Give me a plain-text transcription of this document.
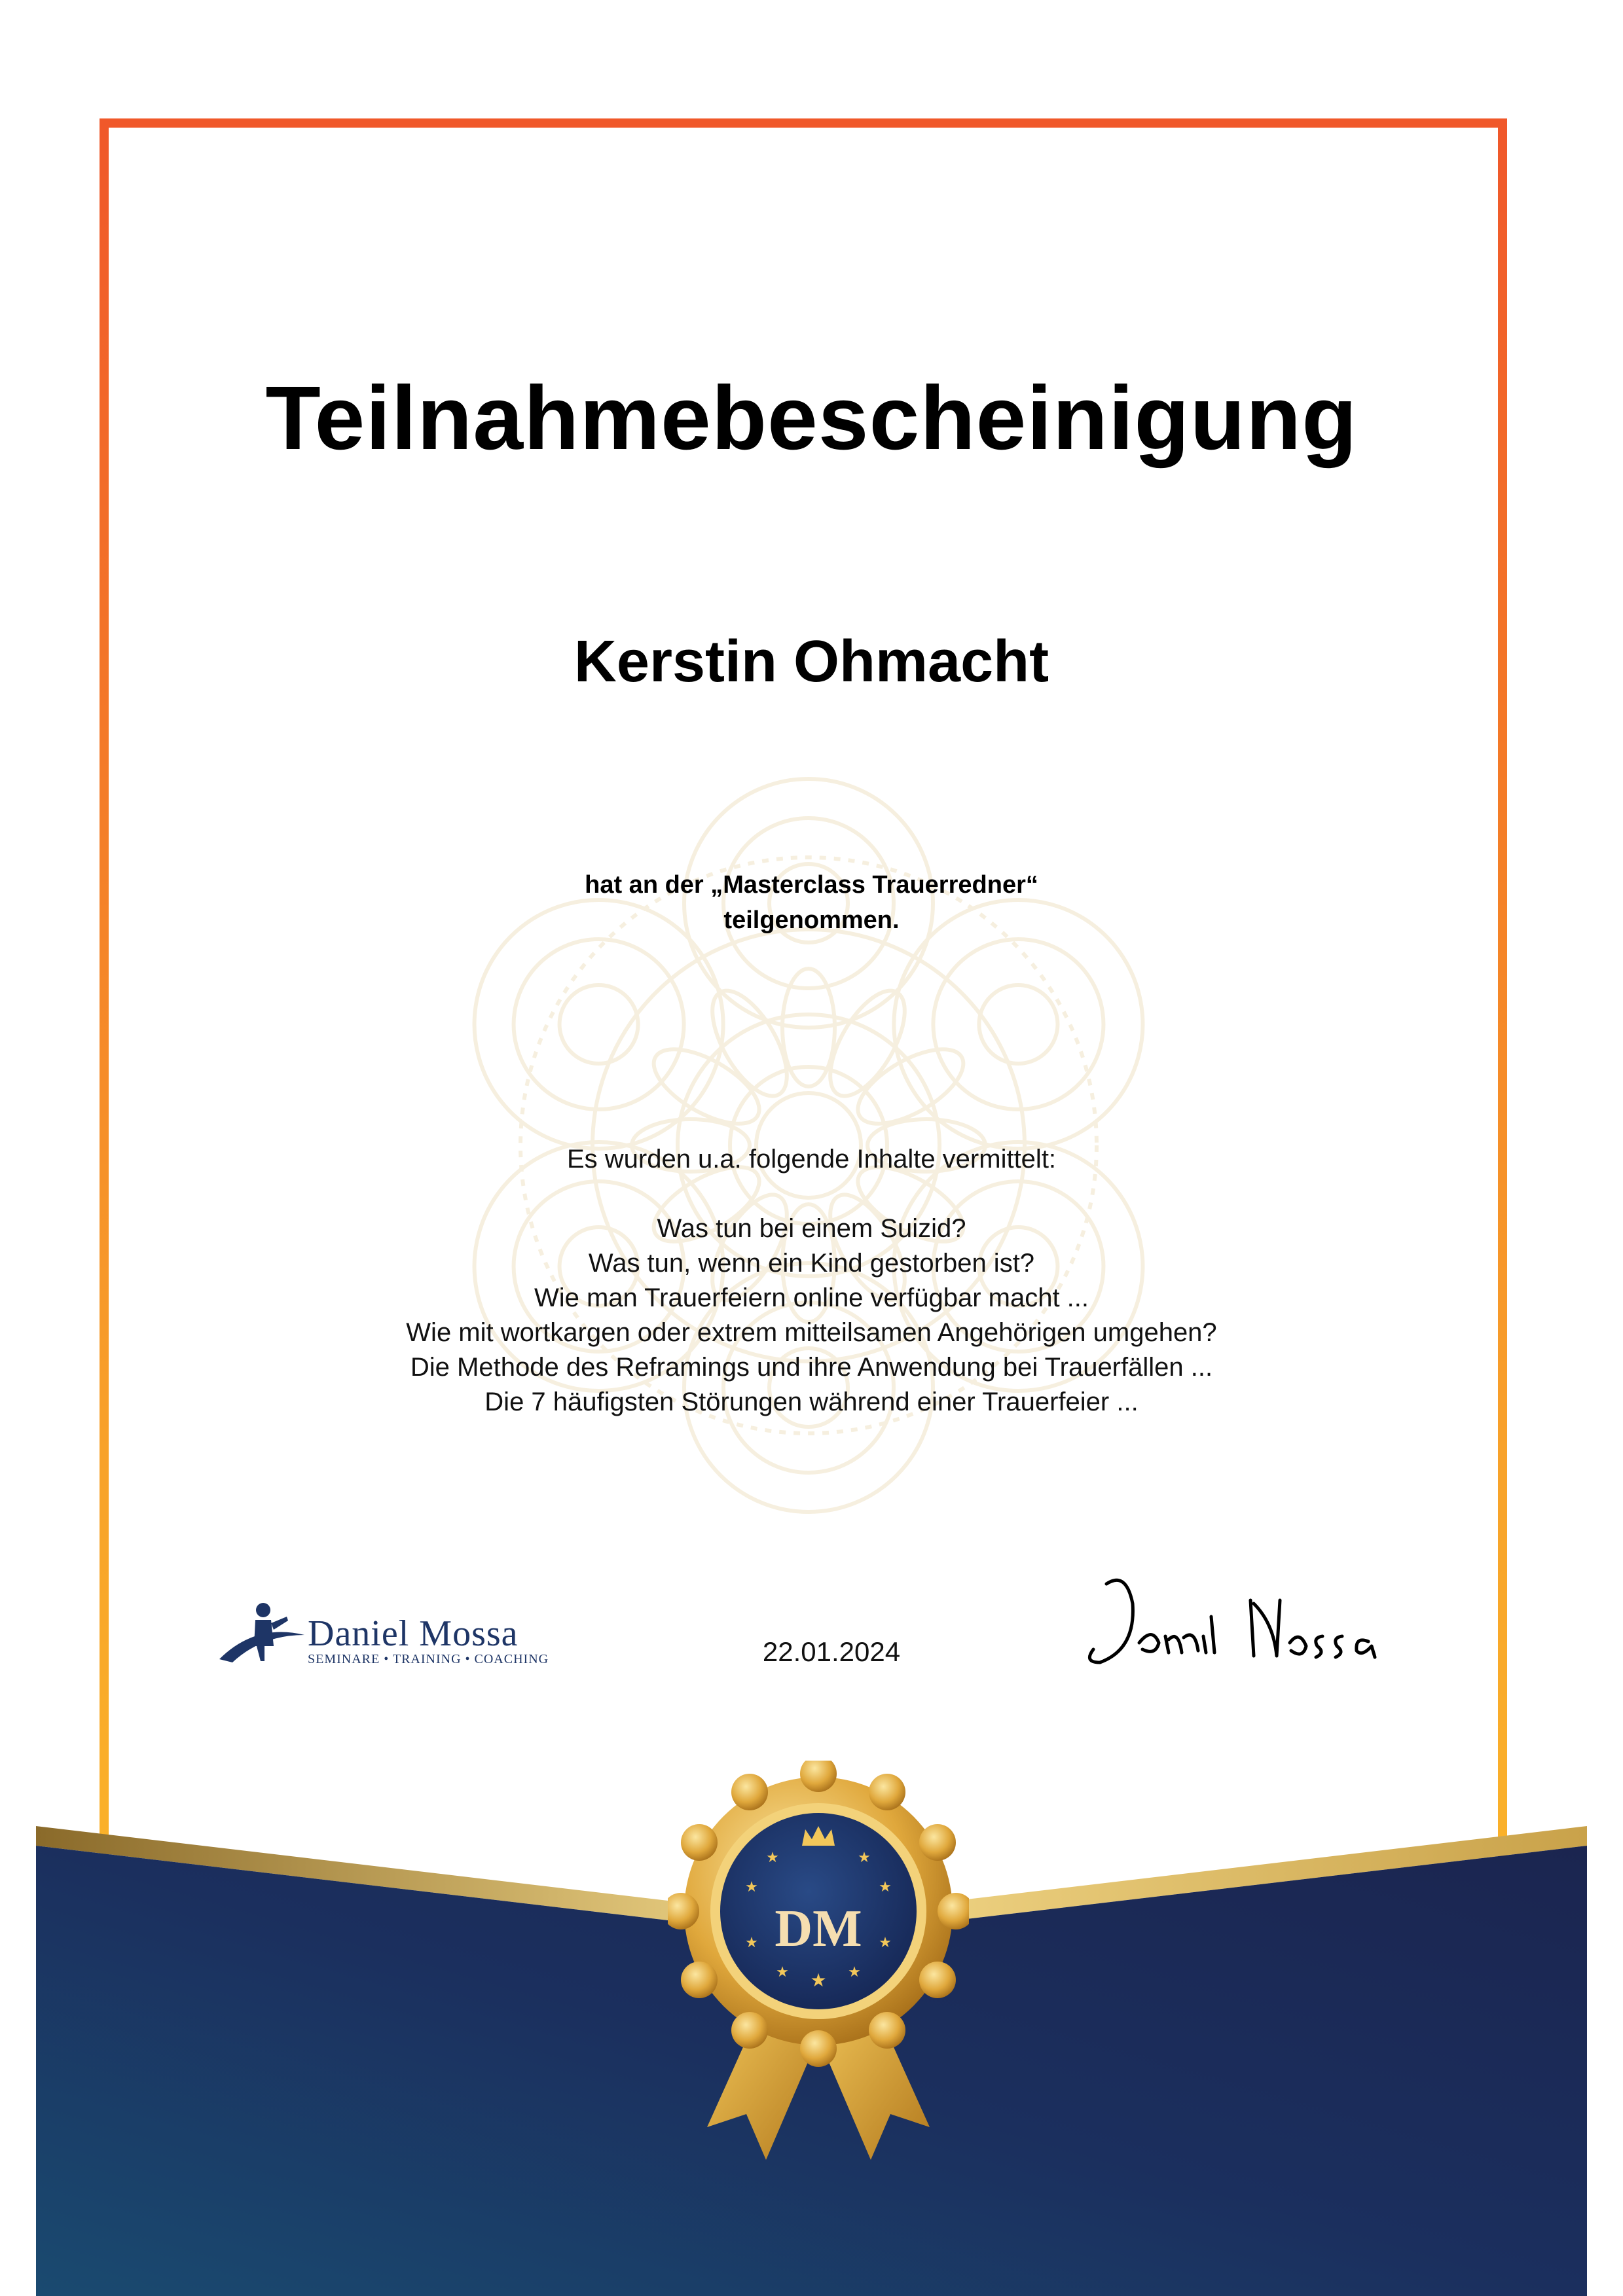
Teilnahmebescheinigung
Kerstin Ohmacht
hat an der „Masterclass Trauerredner“
teilgenommen.
Es wurden u.a. folgende Inhalte vermittelt:
Was tun bei einem Suizid?
Was tun, wenn ein Kind gestorben ist?
Wie man Trauerfeiern online verfügbar macht ...
Wie mit wortkargen oder extrem mitteilsamen Angehörigen umgehen?
Die Methode des Reframings und ihre Anwendung bei Trauerfällen ...
Die 7 häufigsten Störungen während einer Trauerfeier ...
Daniel Mossa
SEMINARE • TRAINING • COACHING	22.01.2024
Daniel Mossa
★	★
★	★
★	★
★	★
★
DM
